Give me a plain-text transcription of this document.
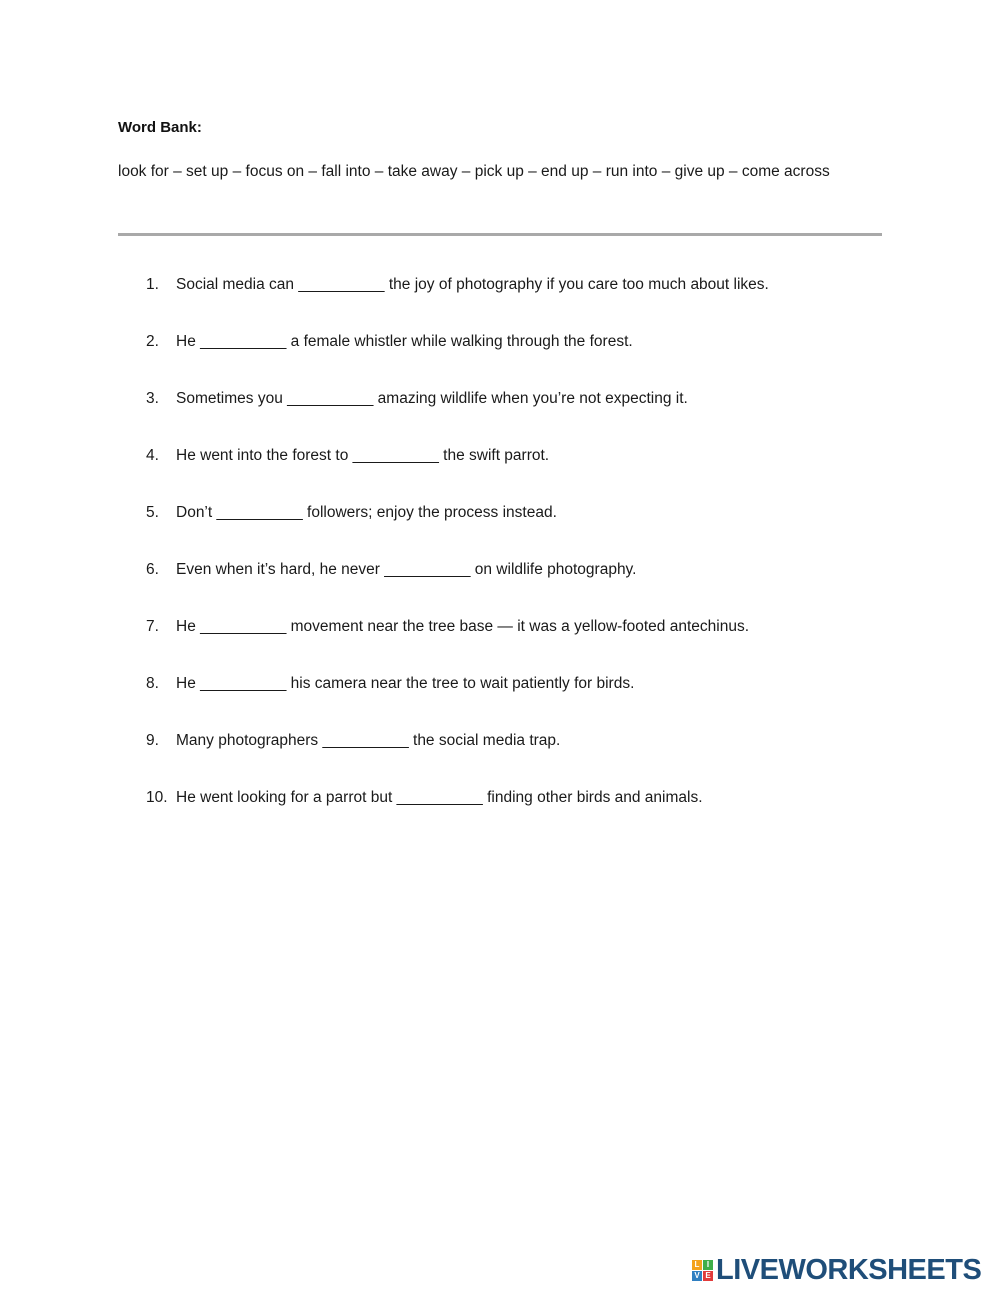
Word Bank:
look for – set up – focus on – fall into – take away – pick up – end up – run into – give up – come across
1. Social media can __________ the joy of photography if you care too much about likes.
2. He __________ a female whistler while walking through the forest.
3. Sometimes you __________ amazing wildlife when you’re not expecting it.
4. He went into the forest to __________ the swift parrot.
5. Don’t __________ followers; enjoy the process instead.
6. Even when it’s hard, he never __________ on wildlife photography.
7. He __________ movement near the tree base — it was a yellow-footed antechinus.
8. He __________ his camera near the tree to wait patiently for birds.
9. Many photographers __________ the social media trap.
10. He went looking for a parrot but __________ finding other birds and animals.
L I
V E LIVEWORKSHEETS
